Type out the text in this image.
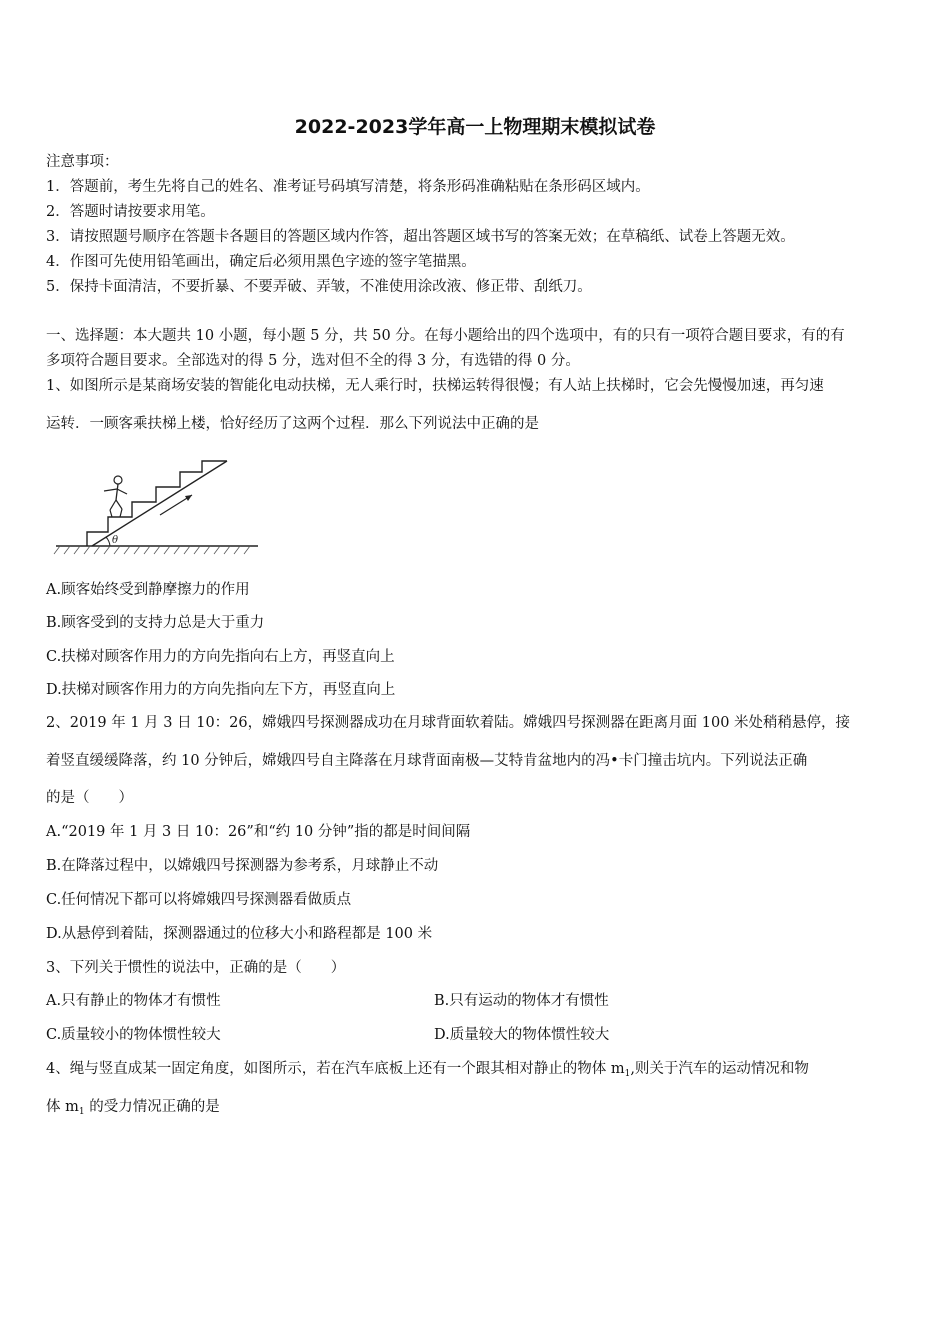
2022-2023学年高一上物理期末模拟试卷
注意事项：
1．答题前，考生先将自己的姓名、准考证号码填写清楚，将条形码准确粘贴在条形码区域内。
2．答题时请按要求用笔。
3．请按照题号顺序在答题卡各题目的答题区域内作答，超出答题区域书写的答案无效；在草稿纸、试卷上答题无效。
4．作图可先使用铅笔画出，确定后必须用黑色字迹的签字笔描黑。
5．保持卡面清洁，不要折暴、不要弄破、弄皱，不准使用涂改液、修正带、刮纸刀。
一、选择题：本大题共 10 小题，每小题 5 分，共 50 分。在每小题给出的四个选项中，有的只有一项符合题目要求，有的有
多项符合题目要求。全部选对的得 5 分，选对但不全的得 3 分，有选错的得 0 分。
1、如图所示是某商场安装的智能化电动扶梯，无人乘行时，扶梯运转得很慢；有人站上扶梯时，它会先慢慢加速，再匀速
运转．一顾客乘扶梯上楼，恰好经历了这两个过程．那么下列说法中正确的是
θ
A.顾客始终受到静摩擦力的作用
B.顾客受到的支持力总是大于重力
C.扶梯对顾客作用力的方向先指向右上方，再竖直向上
D.扶梯对顾客作用力的方向先指向左下方，再竖直向上
2、2019 年 1 月 3 日 10：26，嫦娥四号探测器成功在月球背面软着陆。嫦娥四号探测器在距离月面 100 米处稍稍悬停，接
着竖直缓缓降落，约 10 分钟后，嫦娥四号自主降落在月球背面南极—艾特肯盆地内的冯•卡门撞击坑内。下列说法正确
的是（　　）
A.“2019 年 1 月 3 日 10：26”和“约 10 分钟”指的都是时间间隔
B.在降落过程中，以嫦娥四号探测器为参考系，月球静止不动
C.任何情况下都可以将嫦娥四号探测器看做质点
D.从悬停到着陆，探测器通过的位移大小和路程都是 100 米
3、下列关于惯性的说法中，正确的是（　　）
A.只有静止的物体才有惯性	B.只有运动的物体才有惯性
C.质量较小的物体惯性较大	D.质量较大的物体惯性较大
4、绳与竖直成某一固定角度，如图所示，若在汽车底板上还有一个跟其相对静止的物体 $m_1$,则关于汽车的运动情况和物
体 $m_1$ 的受力情况正确的是
